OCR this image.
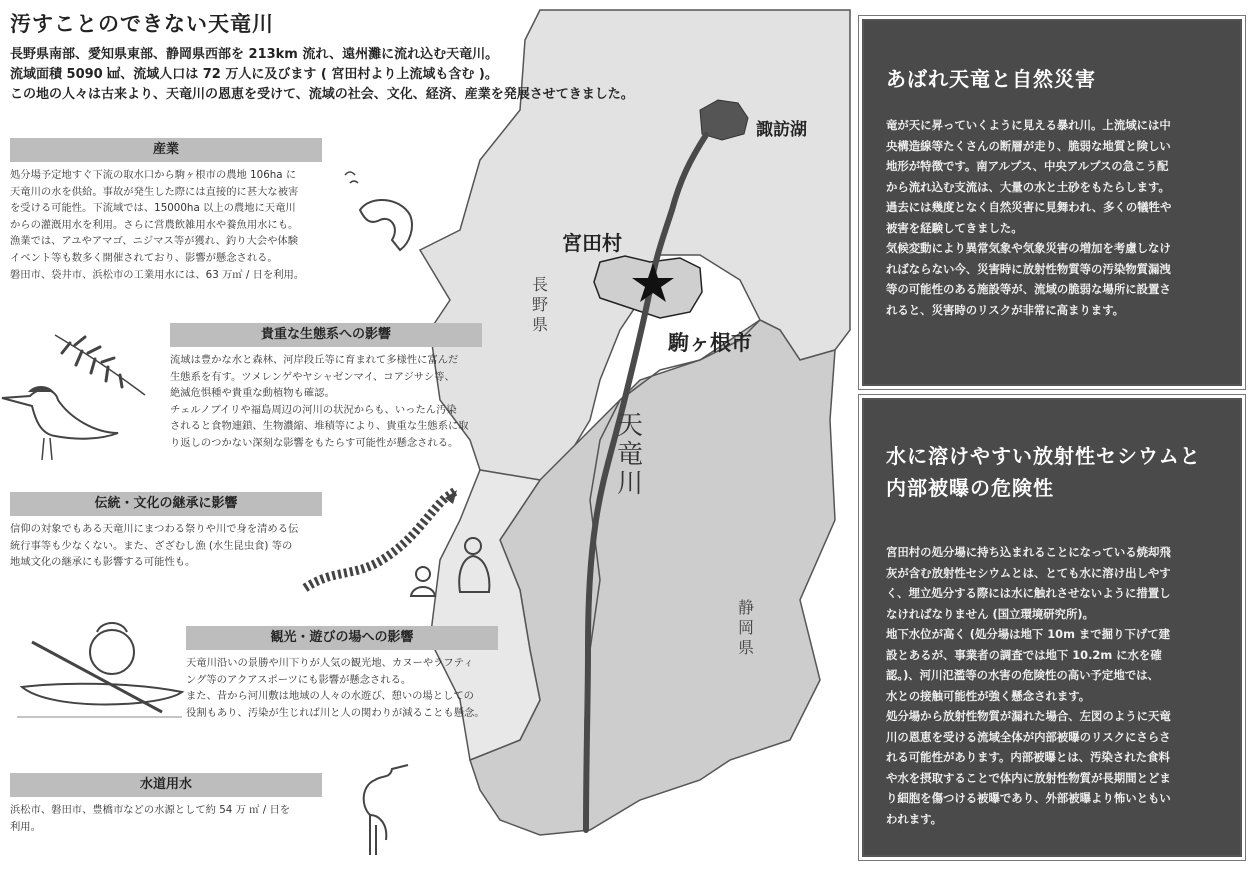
諏訪湖
宮田村
駒ヶ根市
長野県
静岡県
天竜川
汚すことのできない天竜川
長野県南部、愛知県東部、静岡県西部を 213km 流れ、遠州灘に流れ込む天竜川。
流域面積 5090 ㎢、流域人口は 72 万人に及びます ( 宮田村より上流域も含む )。
この地の人々は古来より、天竜川の恩恵を受けて、流域の社会、文化、経済、産業を発展させてきました。
産業
処分場予定地すぐ下流の取水口から駒ヶ根市の農地 106ha に
天竜川の水を供給。事故が発生した際には直接的に甚大な被害
を受ける可能性。下流域では、15000ha 以上の農地に天竜川
からの灌漑用水を利用。さらに営農飲雑用水や養魚用水にも。
漁業では、アユやアマゴ、ニジマス等が獲れ、釣り大会や体験
イベント等も数多く開催されており、影響が懸念される。
磐田市、袋井市、浜松市の工業用水には、63 万㎥ / 日を利用。
貴重な生態系への影響
流域は豊かな水と森林、河岸段丘等に育まれて多様性に富んだ
生態系を有す。ツメレンゲやヤシャゼンマイ、コアジサシ等、
絶滅危惧種や貴重な動植物も確認。
チェルノブイリや福島周辺の河川の状況からも、いったん汚染
されると食物連鎖、生物濃縮、堆積等により、貴重な生態系に取
り返しのつかない深刻な影響をもたらす可能性が懸念される。
伝統・文化の継承に影響
信仰の対象でもある天竜川にまつわる祭りや川で身を清める伝
統行事等も少なくない。また、ざざむし漁 (水生昆虫食) 等の
地域文化の継承にも影響する可能性も。
観光・遊びの場への影響
天竜川沿いの景勝や川下りが人気の観光地、カヌーやラフティ
ング等のアクアスポーツにも影響が懸念される。
また、昔から河川敷は地域の人々の水遊び、憩いの場としての
役割もあり、汚染が生じれば川と人の関わりが減ることも懸念。
水道用水
浜松市、磐田市、豊橋市などの水源として約 54 万 ㎥ / 日を
利用。
あばれ天竜と自然災害
竜が天に昇っていくように見える暴れ川。上流域には中
央構造線等たくさんの断層が走り、脆弱な地質と険しい
地形が特徴です。南アルプス、中央アルプスの急こう配
から流れ込む支流は、大量の水と土砂をもたらします。
過去には幾度となく自然災害に見舞われ、多くの犠牲や
被害を経験してきました。
気候変動により異常気象や気象災害の増加を考慮しなけ
ればならない今、災害時に放射性物質等の汚染物質漏洩
等の可能性のある施設等が、流域の脆弱な場所に設置さ
れると、災害時のリスクが非常に高まります。
水に溶けやすい放射性セシウムと
内部被曝の危険性
宮田村の処分場に持ち込まれることになっている焼却飛
灰が含む放射性セシウムとは、とても水に溶け出しやす
く、埋立処分する際には水に触れさせないように措置し
なければなりません (国立環境研究所)。
地下水位が高く (処分場は地下 10m まで掘り下げて建
設とあるが、事業者の調査では地下 10.2m に水を確
認。)、河川氾濫等の水害の危険性の高い予定地では、
水との接触可能性が強く懸念されます。
処分場から放射性物質が漏れた場合、左図のように天竜
川の恩恵を受ける流域全体が内部被曝のリスクにさらさ
れる可能性があります。内部被曝とは、汚染された食料
や水を摂取することで体内に放射性物質が長期間とどま
り細胞を傷つける被曝であり、外部被曝より怖いともい
われます。
